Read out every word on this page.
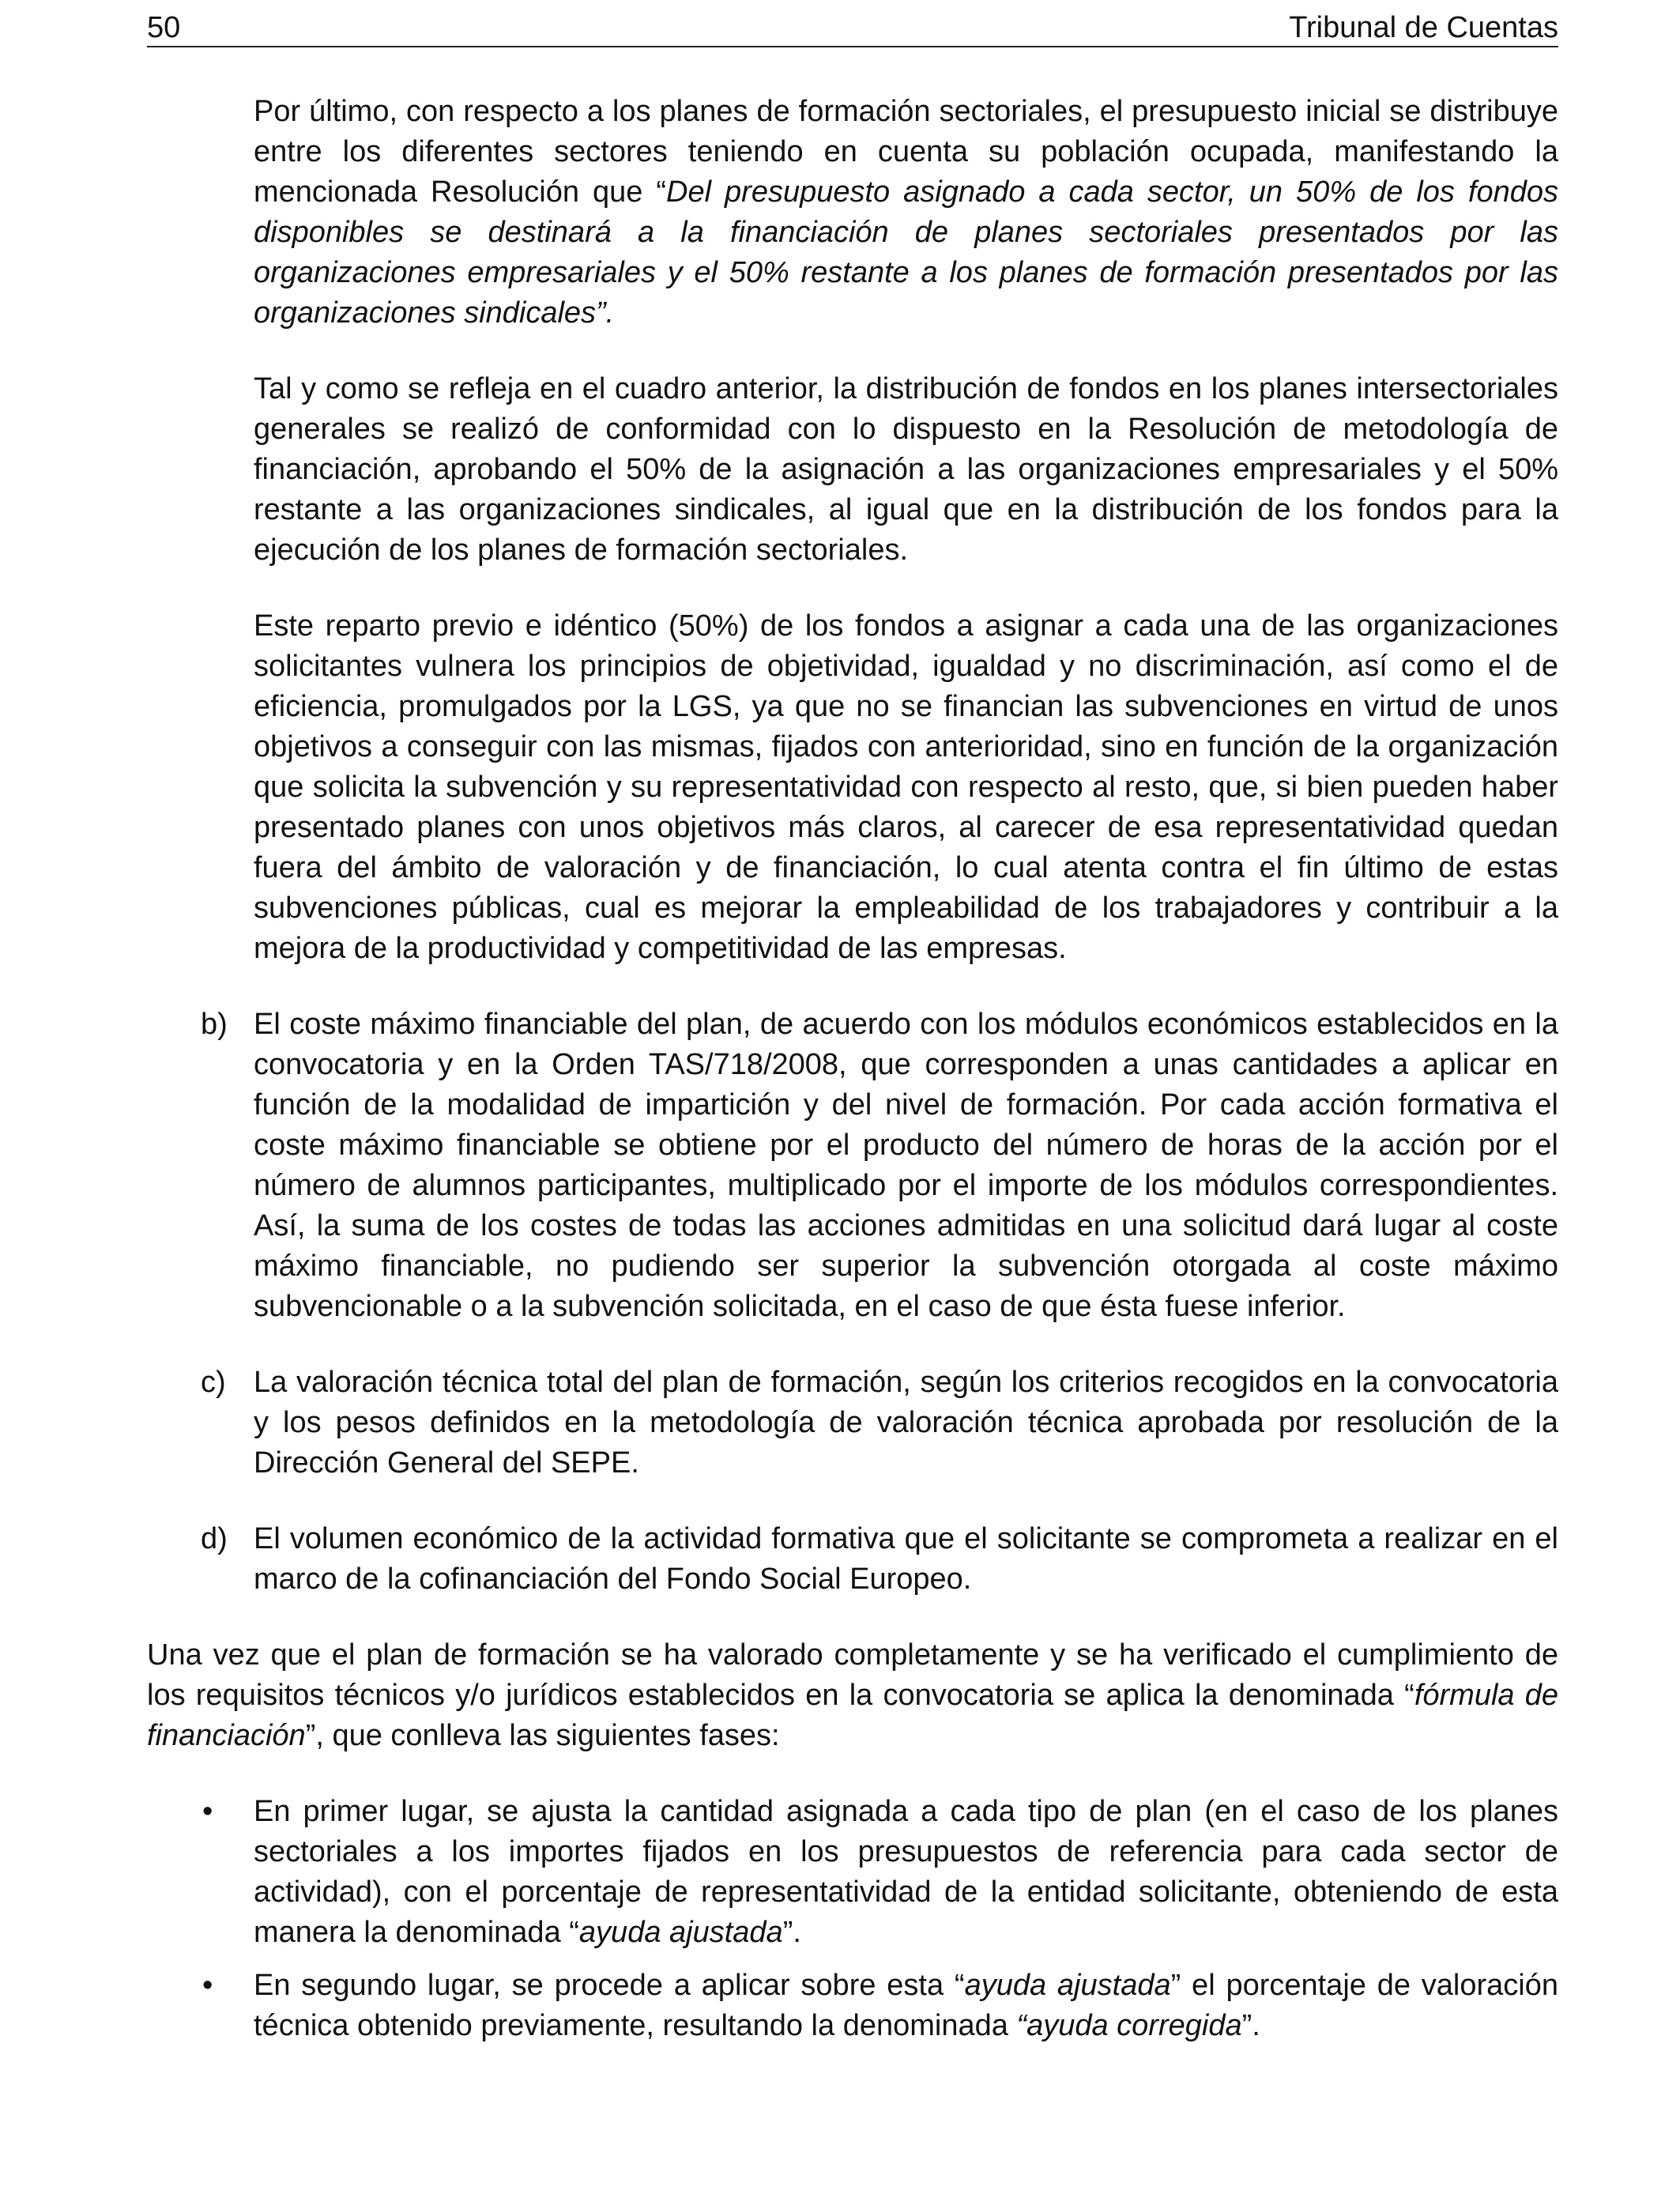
50	Tribunal de Cuentas

Por último, con respecto a los planes de formación sectoriales, el presupuesto inicial se distribuye entre los diferentes sectores teniendo en cuenta su población ocupada, manifestando la mencionada Resolución que “Del presupuesto asignado a cada sector, un 50% de los fondos disponibles se destinará a la financiación de planes sectoriales presentados por las organizaciones empresariales y el 50% restante a los planes de formación presentados por las organizaciones sindicales”.

Tal y como se refleja en el cuadro anterior, la distribución de fondos en los planes intersectoriales generales se realizó de conformidad con lo dispuesto en la Resolución de metodología de financiación, aprobando el 50% de la asignación a las organizaciones empresariales y el 50% restante a las organizaciones sindicales, al igual que en la distribución de los fondos para la ejecución de los planes de formación sectoriales.

Este reparto previo e idéntico (50%) de los fondos a asignar a cada una de las organizaciones solicitantes vulnera los principios de objetividad, igualdad y no discriminación, así como el de eficiencia, promulgados por la LGS, ya que no se financian las subvenciones en virtud de unos objetivos a conseguir con las mismas, fijados con anterioridad, sino en función de la organización que solicita la subvención y su representatividad con respecto al resto, que, si bien pueden haber presentado planes con unos objetivos más claros, al carecer de esa representatividad quedan fuera del ámbito de valoración y de financiación, lo cual atenta contra el fin último de estas subvenciones públicas, cual es mejorar la empleabilidad de los trabajadores y contribuir a la mejora de la productividad y competitividad de las empresas.

b) El coste máximo financiable del plan, de acuerdo con los módulos económicos establecidos en la convocatoria y en la Orden TAS/718/2008, que corresponden a unas cantidades a aplicar en función de la modalidad de impartición y del nivel de formación. Por cada acción formativa el coste máximo financiable se obtiene por el producto del número de horas de la acción por el número de alumnos participantes, multiplicado por el importe de los módulos correspondientes. Así, la suma de los costes de todas las acciones admitidas en una solicitud dará lugar al coste máximo financiable, no pudiendo ser superior la subvención otorgada al coste máximo subvencionable o a la subvención solicitada, en el caso de que ésta fuese inferior.

c) La valoración técnica total del plan de formación, según los criterios recogidos en la convocatoria y los pesos definidos en la metodología de valoración técnica aprobada por resolución de la Dirección General del SEPE.

d) El volumen económico de la actividad formativa que el solicitante se comprometa a realizar en el marco de la cofinanciación del Fondo Social Europeo.

Una vez que el plan de formación se ha valorado completamente y se ha verificado el cumplimiento de los requisitos técnicos y/o jurídicos establecidos en la convocatoria se aplica la denominada “fórmula de financiación”, que conlleva las siguientes fases:

• En primer lugar, se ajusta la cantidad asignada a cada tipo de plan (en el caso de los planes sectoriales a los importes fijados en los presupuestos de referencia para cada sector de actividad), con el porcentaje de representatividad de la entidad solicitante, obteniendo de esta manera la denominada “ayuda ajustada”.

• En segundo lugar, se procede a aplicar sobre esta “ayuda ajustada” el porcentaje de valoración técnica obtenido previamente, resultando la denominada “ayuda corregida”.
